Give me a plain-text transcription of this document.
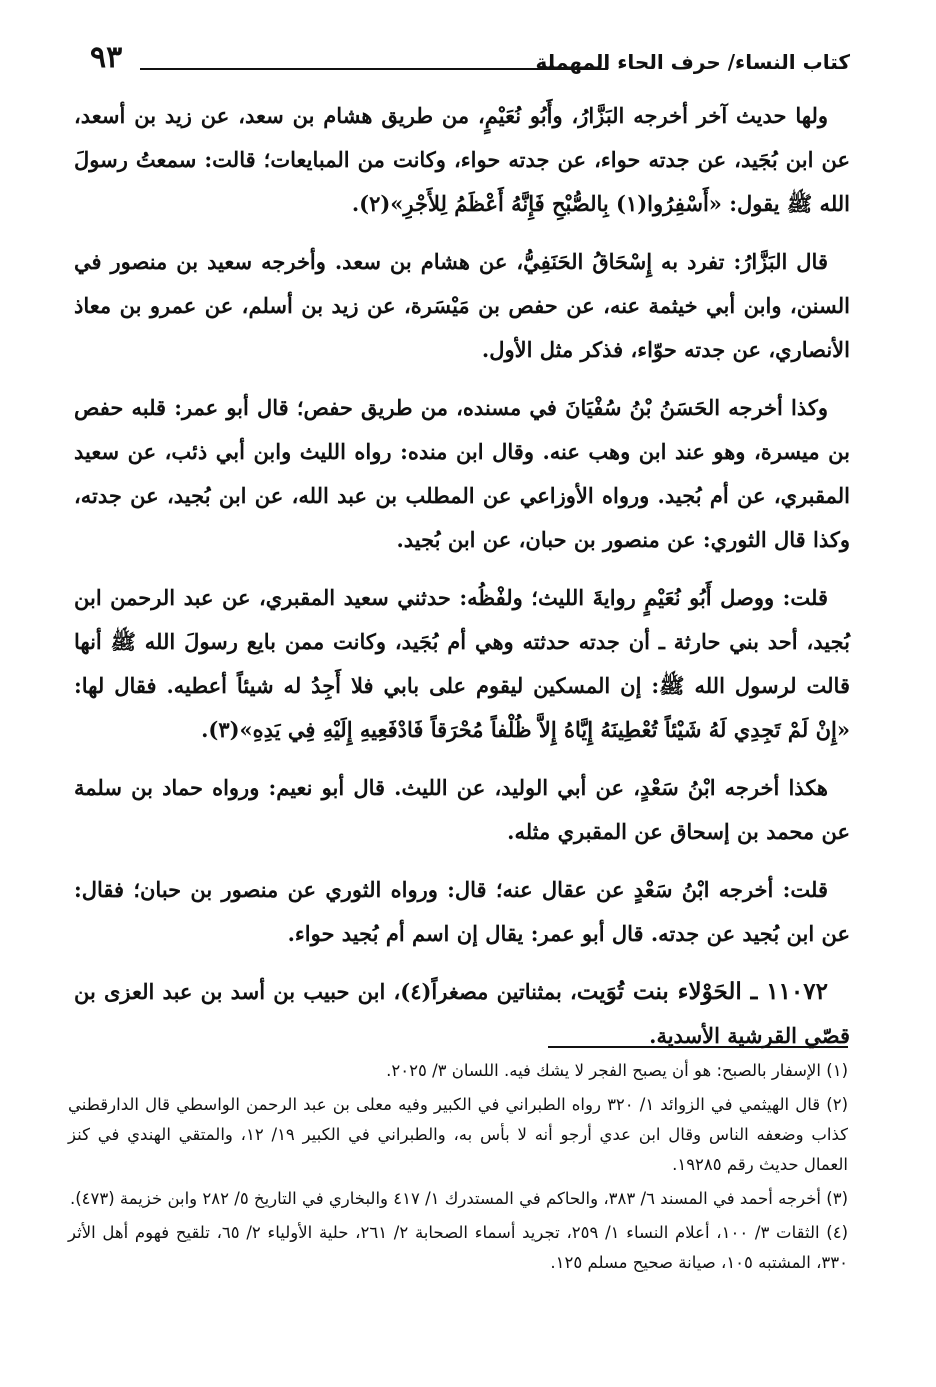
٩٣	كتاب النساء/ حرف الحاء المهملة

ولها حديث آخر أخرجه البَزَّارُ، وأَبُو نُعَيْمٍ، من طريق هشام بن سعد، عن زيد بن أسعد، عن ابن بُجَيد، عن جدته حواء، عن جدته حواء، وكانت من المبايعات؛ قالت: سمعتُ رسولَ الله ﷺ يقول: «أَسْفِرُوا(١) بِالصُّبْحِ فَإِنَّهُ أَعْظَمُ لِلأَجْرِ»(٢).

قال البَزَّارُ: تفرد به إِسْحَاقُ الحَنَفِيُّ، عن هشام بن سعد. وأخرجه سعيد بن منصور في السنن، وابن أبي خيثمة عنه، عن حفص بن مَيْسَرة، عن زيد بن أسلم، عن عمرو بن معاذ الأنصاري، عن جدته حوّاء، فذكر مثل الأول.

وكذا أخرجه الحَسَنُ بْنُ سُفْيَانَ في مسنده، من طريق حفص؛ قال أبو عمر: قلبه حفص بن ميسرة، وهو عند ابن وهب عنه. وقال ابن منده: رواه الليث وابن أبي ذئب، عن سعيد المقبري، عن أم بُجيد. ورواه الأوزاعي عن المطلب بن عبد الله، عن ابن بُجيد، عن جدته، وكذا قال الثوري: عن منصور بن حبان، عن ابن بُجيد.

قلت: ووصل أَبُو نُعَيْمٍ روايةَ الليث؛ ولفْظُه: حدثني سعيد المقبري، عن عبد الرحمن ابن بُجيد، أحد بني حارثة ـ أن جدته حدثته وهي أم بُجَيد، وكانت ممن بايع رسولَ الله ﷺ أنها قالت لرسول الله ﷺ: إن المسكين ليقوم على بابي فلا أَجِدُ له شيئاً أعطيه. فقال لها: «إِنْ لَمْ تَجِدِي لَهُ شَيْئاً تُعْطِينَهُ إِيَّاهُ إِلاَّ ظُلْفاً مُحْرَقاً فَادْفَعِيهِ إِلَيْهِ فِي يَدِهِ»(٣).

هكذا أخرجه ابْنُ سَعْدٍ، عن أبي الوليد، عن الليث. قال أبو نعيم: ورواه حماد بن سلمة عن محمد بن إسحاق عن المقبري مثله.

قلت: أخرجه ابْنُ سَعْدٍ عن عقال عنه؛ قال: ورواه الثوري عن منصور بن حبان؛ فقال: عن ابن بُجيد عن جدته. قال أبو عمر: يقال إن اسم أم بُجيد حواء.

١١٠٧٢ ـ الحَوْلاء بنت تُوَيت، بمثناتين مصغراً(٤)، ابن حبيب بن أسد بن عبد العزى بن قصّي القرشية الأسدية.

(١) الإسفار بالصبح: هو أن يصبح الفجر لا يشك فيه. اللسان ٣/ ٢٠٢٥.

(٢) قال الهيثمي في الزوائد ١/ ٣٢٠ رواه الطبراني في الكبير وفيه معلى بن عبد الرحمن الواسطي قال الدارقطني كذاب وضعفه الناس وقال ابن عدي أرجو أنه لا بأس به، والطبراني في الكبير ١٩/ ١٢، والمتقي الهندي في كنز العمال حديث رقم ١٩٢٨٥.

(٣) أخرجه أحمد في المسند ٦/ ٣٨٣، والحاكم في المستدرك ١/ ٤١٧ والبخاري في التاريخ ٥/ ٢٨٢ وابن خزيمة (٤٧٣).

(٤) الثقات ٣/ ١٠٠، أعلام النساء ١/ ٢٥٩، تجريد أسماء الصحابة ٢/ ٢٦١، حلية الأولياء ٢/ ٦٥، تلقيح فهوم أهل الأثر ٣٣٠، المشتبه ١٠٥، صيانة صحيح مسلم ١٢٥.
